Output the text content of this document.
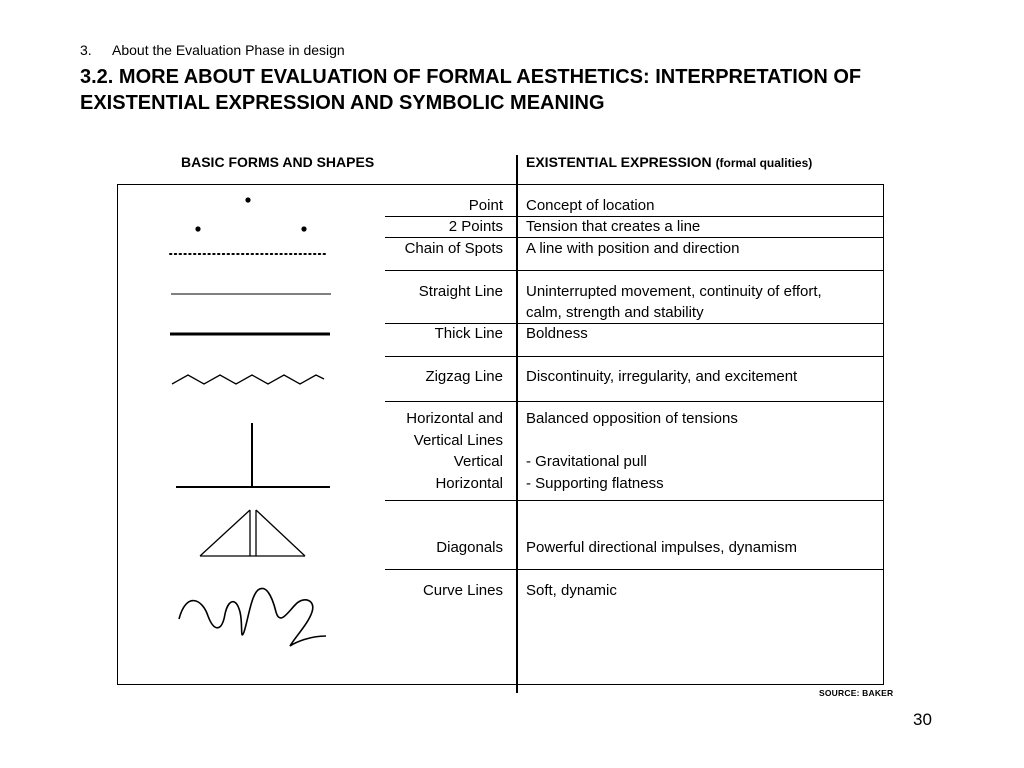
3. About the Evaluation Phase in design
3.2. MORE ABOUT EVALUATION OF FORMAL AESTHETICS: INTERPRETATION OF EXISTENTIAL EXPRESSION AND SYMBOLIC MEANING
BASIC FORMS AND SHAPES	EXISTENTIAL EXPRESSION (formal qualities)
Point
2 Points
Chain of Spots
Straight Line
Thick Line
Zigzag Line
Horizontal and
Vertical Lines
Vertical
Horizontal
Diagonals
Curve Lines
Concept of location
Tension that creates a line
A line with position and direction
Uninterrupted movement, continuity of effort,
calm, strength and stability
Boldness
Discontinuity, irregularity, and excitement
Balanced opposition of tensions
- Gravitational pull
- Supporting flatness
Powerful directional impulses, dynamism
Soft, dynamic
SOURCE: BAKER
30
